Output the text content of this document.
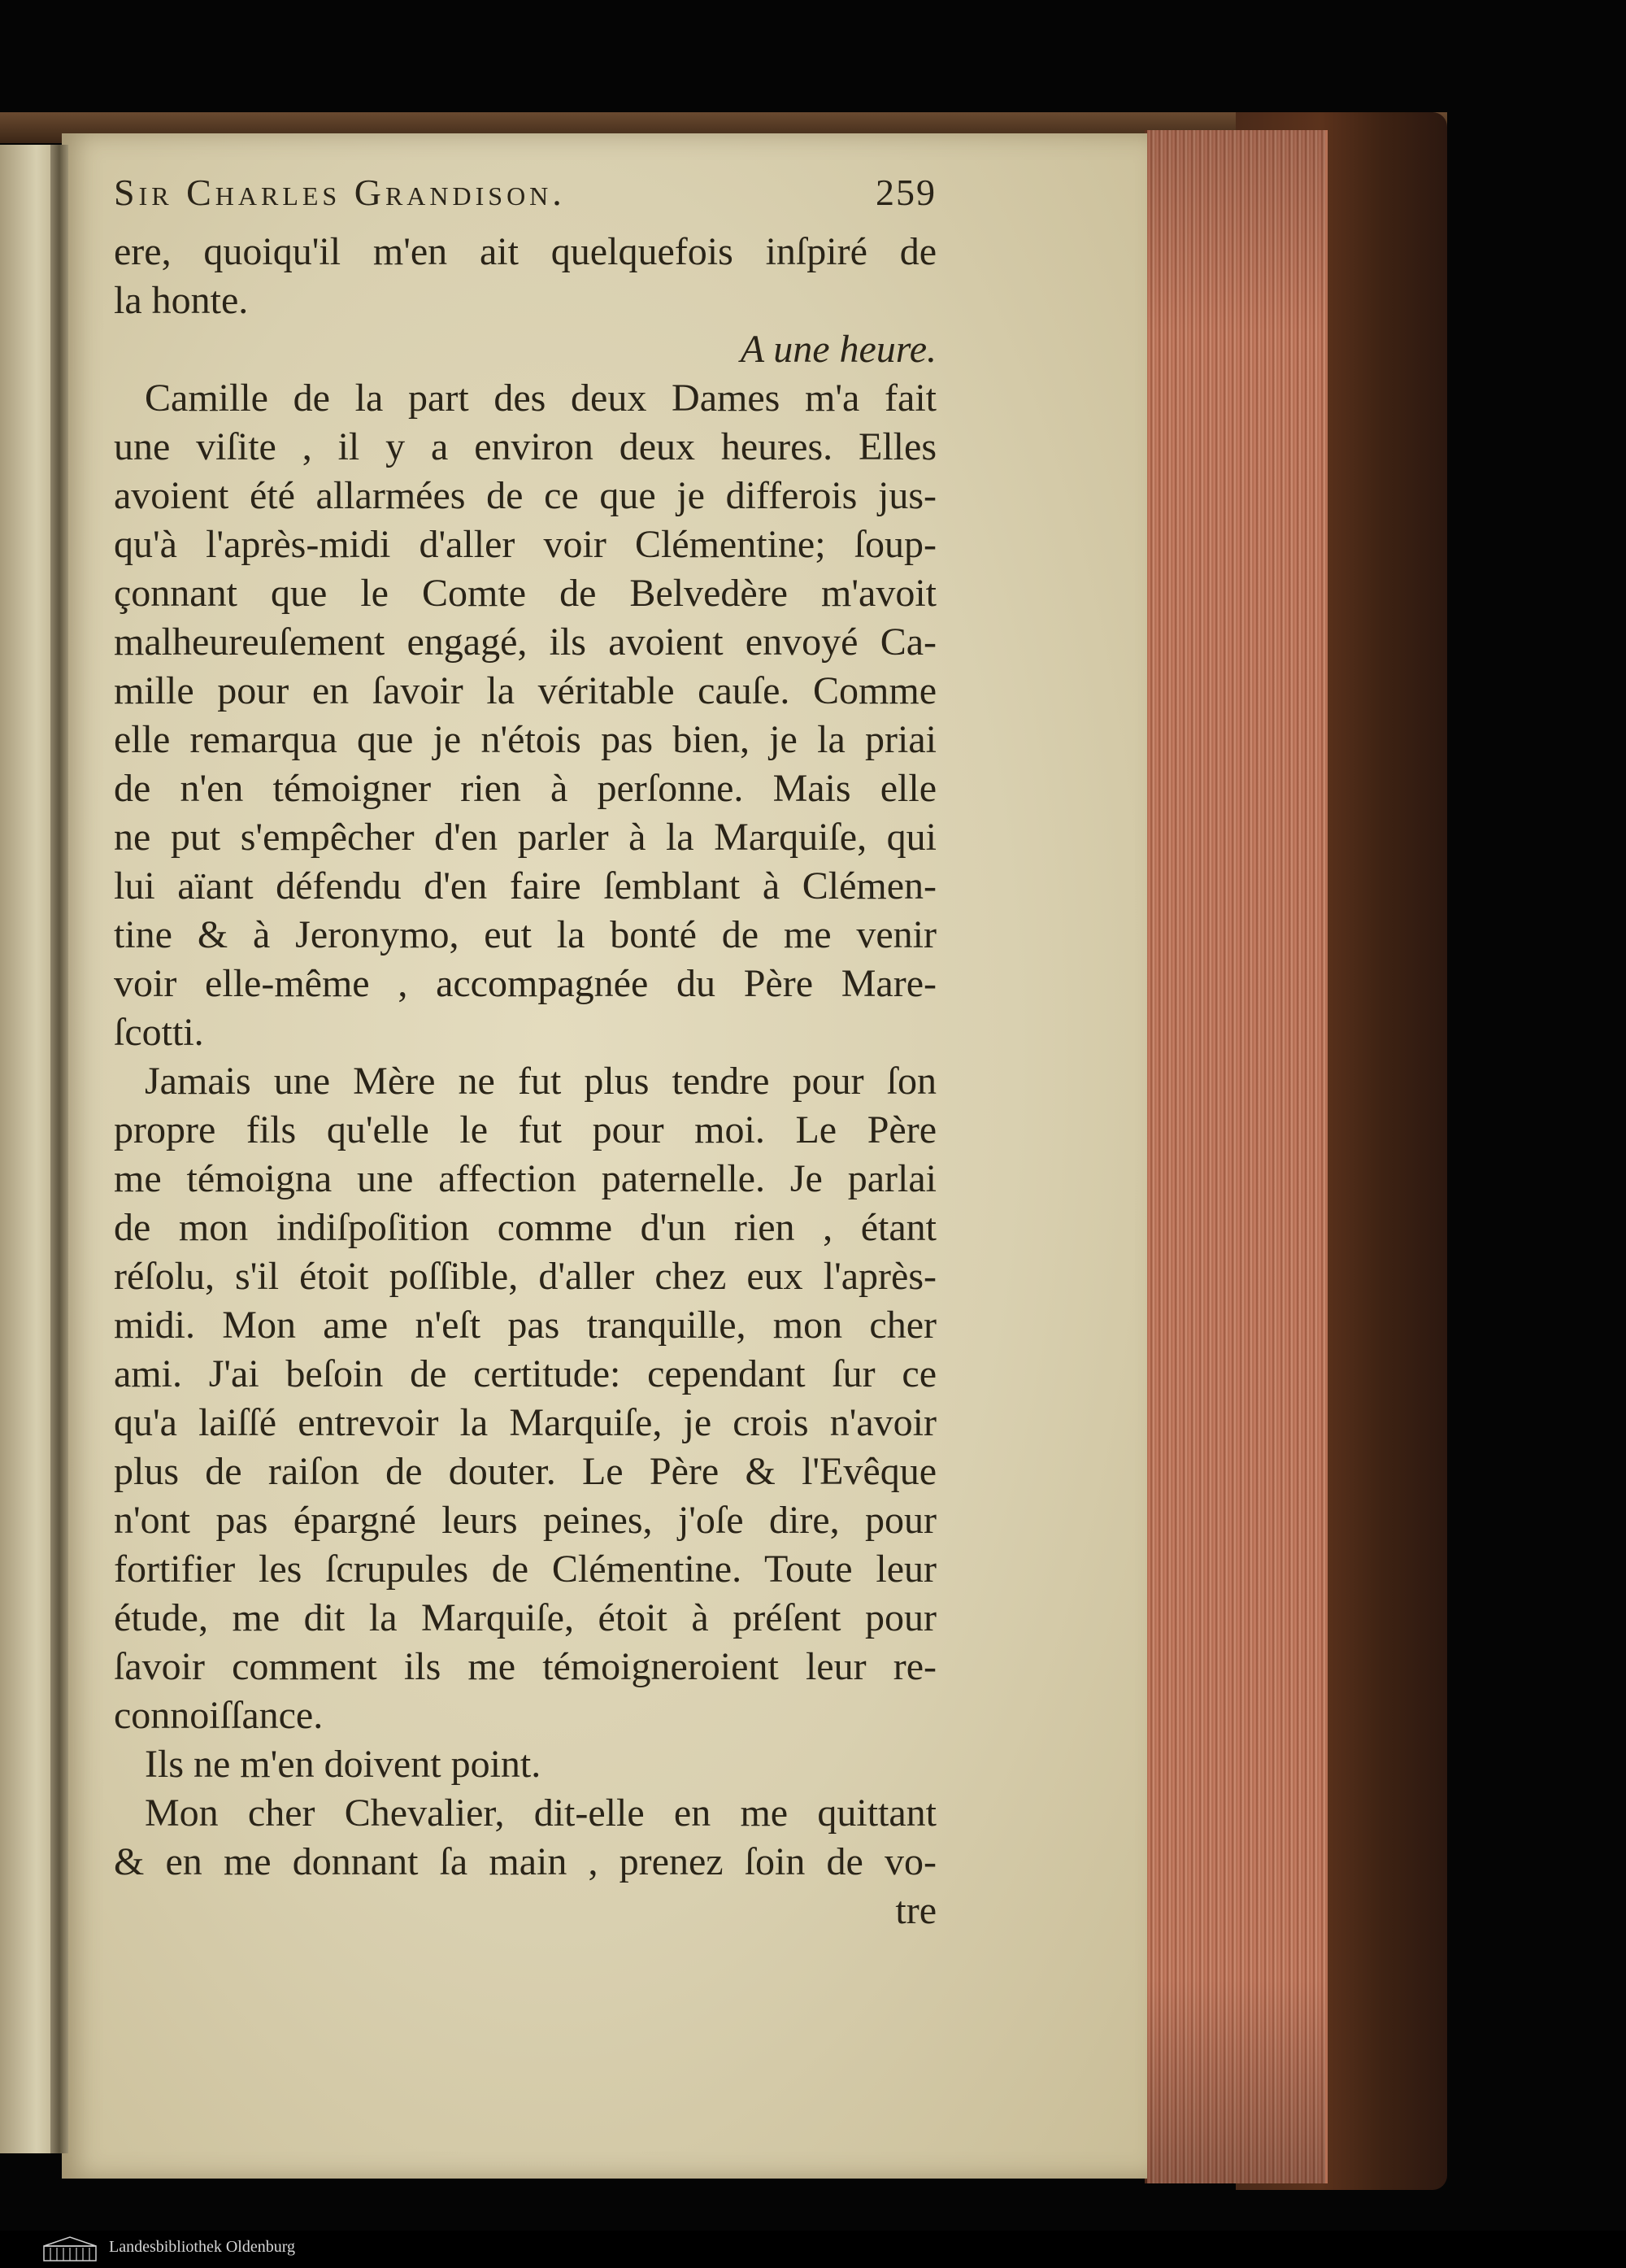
Sir Charles Grandison.	259
ere, quoiqu'il m'en ait quelquefois inſpiré de
la honte.
A une heure.
Camille de la part des deux Dames m'a fait
une viſite , il y a environ deux heures. Elles
avoient été allarmées de ce que je differois jus-
qu'à l'après-midi d'aller voir Clémentine; ſoup-
çonnant que le Comte de Belvedère m'avoit
malheureuſement engagé, ils avoient envoyé Ca-
mille pour en ſavoir la véritable cauſe. Comme
elle remarqua que je n'étois pas bien, je la priai
de n'en témoigner rien à perſonne. Mais elle
ne put s'empêcher d'en parler à la Marquiſe, qui
lui aïant défendu d'en faire ſemblant à Clémen-
tine & à Jeronymo, eut la bonté de me venir
voir elle-même , accompagnée du Père Mare-
ſcotti.
Jamais une Mère ne fut plus tendre pour ſon
propre fils qu'elle le fut pour moi. Le Père
me témoigna une affection paternelle. Je parlai
de mon indiſpoſition comme d'un rien , étant
réſolu, s'il étoit poſſible, d'aller chez eux l'après-
midi. Mon ame n'eſt pas tranquille, mon cher
ami. J'ai beſoin de certitude: cependant ſur ce
qu'a laiſſé entrevoir la Marquiſe, je crois n'avoir
plus de raiſon de douter. Le Père & l'Evêque
n'ont pas épargné leurs peines, j'oſe dire, pour
fortifier les ſcrupules de Clémentine. Toute leur
étude, me dit la Marquiſe, étoit à préſent pour
ſavoir comment ils me témoigneroient leur re-
connoiſſance.
Ils ne m'en doivent point.
Mon cher Chevalier, dit-elle en me quittant
& en me donnant ſa main , prenez ſoin de vo-
tre
Landesbibliothek Oldenburg
